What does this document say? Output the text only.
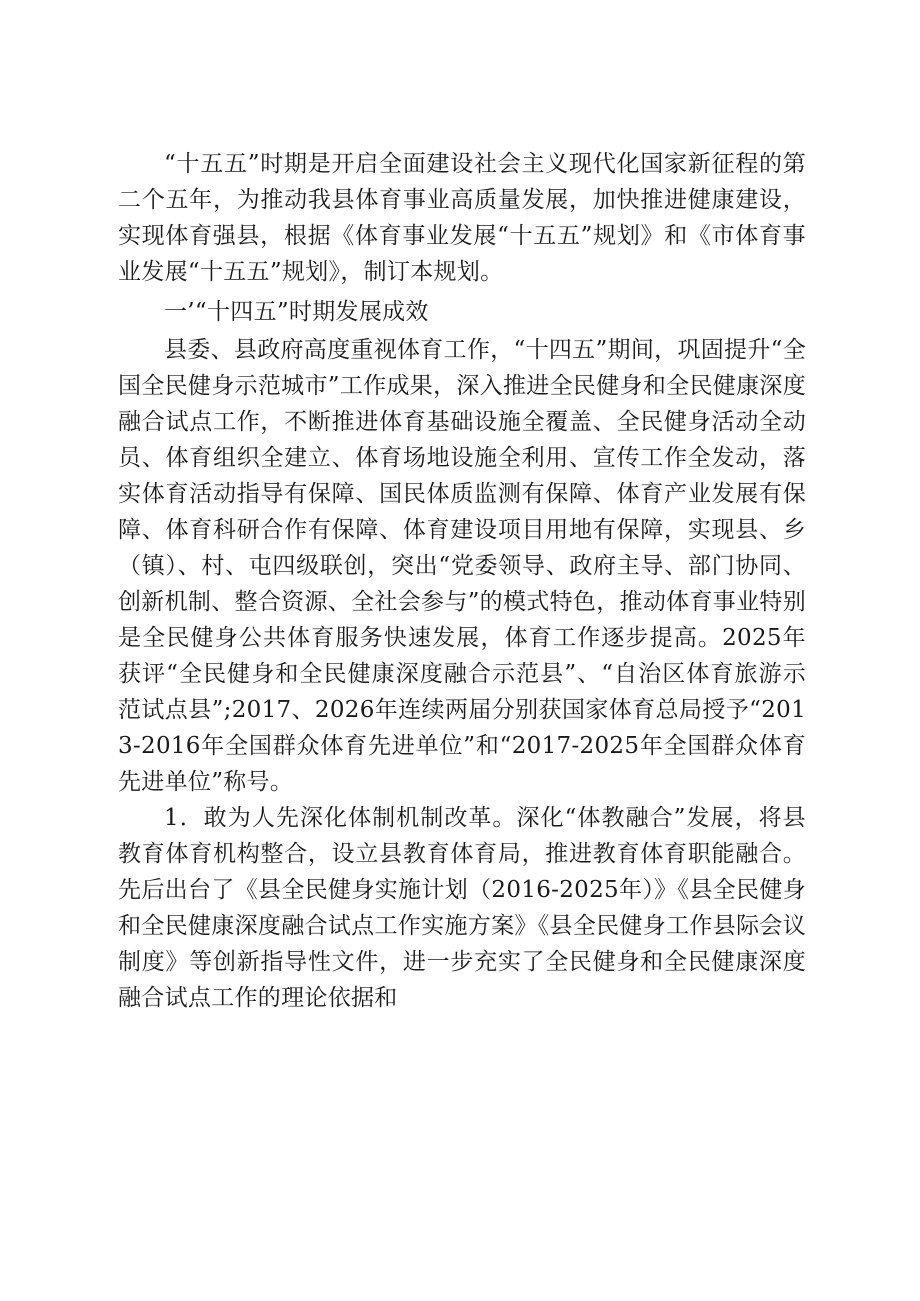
“十五五”时期是开启全面建设社会主义现代化国家新征程的第二个五年，为推动我县体育事业高质量发展，加快推进健康建设，实现体育强县，根据《体育事业发展“十五五”规划》和《市体育事业发展“十五五”规划》，制订本规划。

一’“十四五”时期发展成效

县委、县政府高度重视体育工作，“十四五”期间，巩固提升“全国全民健身示范城市”工作成果，深入推进全民健身和全民健康深度融合试点工作，不断推进体育基础设施全覆盖、全民健身活动全动员、体育组织全建立、体育场地设施全利用、宣传工作全发动，落实体育活动指导有保障、国民体质监测有保障、体育产业发展有保障、体育科研合作有保障、体育建设项目用地有保障，实现县、乡（镇）、村、屯四级联创，突出“党委领导、政府主导、部门协同、创新机制、整合资源、全社会参与”的模式特色，推动体育事业特别是全民健身公共体育服务快速发展，体育工作逐步提高。2025年获评“全民健身和全民健康深度融合示范县”、“自治区体育旅游示范试点县”;2017、2026年连续两届分别获国家体育总局授予“2013-2016年全国群众体育先进单位”和“2017-2025年全国群众体育先进单位”称号。

1．敢为人先深化体制机制改革。深化“体教融合”发展，将县教育体育机构整合，设立县教育体育局，推进教育体育职能融合。先后出台了《县全民健身实施计划（2016-2025年）》《县全民健身和全民健康深度融合试点工作实施方案》《县全民健身工作县际会议制度》等创新指导性文件，进一步充实了全民健身和全民健康深度融合试点工作的理论依据和
